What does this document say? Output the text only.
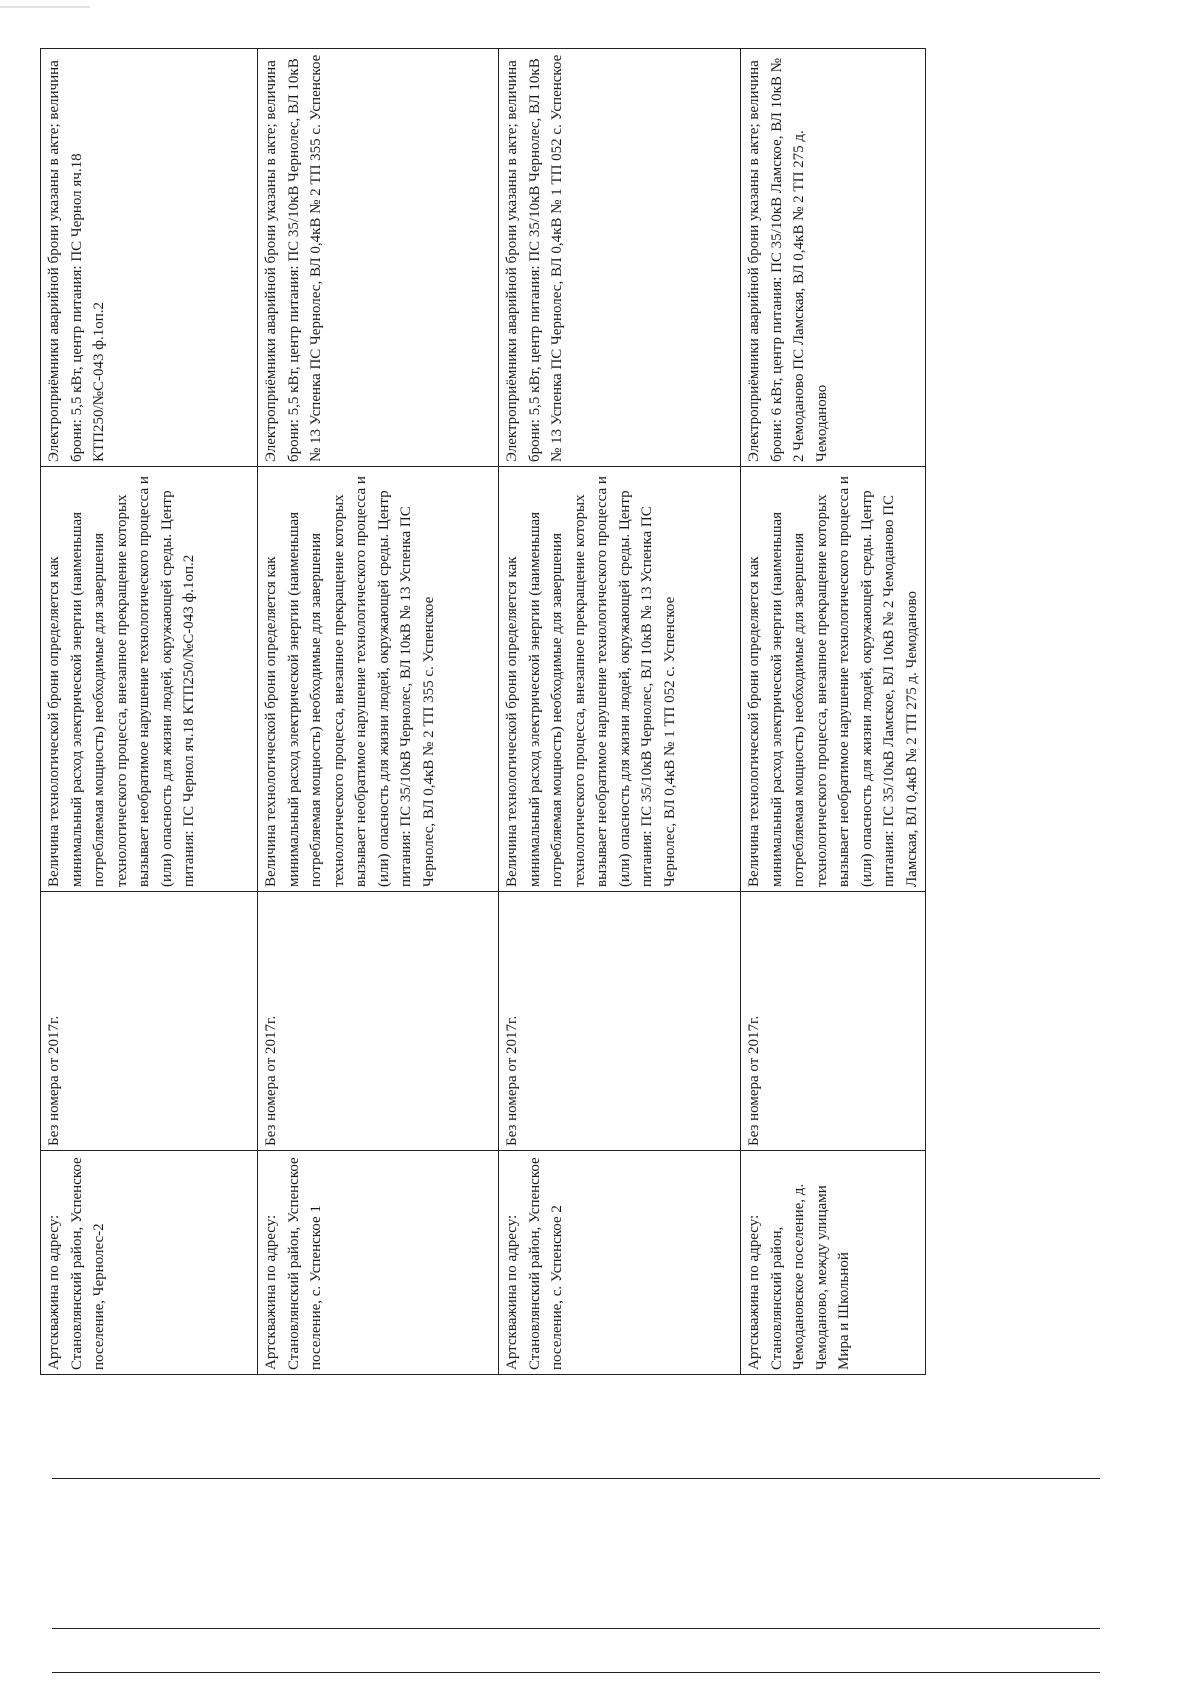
Артскважина по адресу: Становлянский район, Успенское поселение, Чернолес-2	Без номера от 2017г.	Величина технологической брони определяется как минимальный расход электрической энергии (наименьшая потребляемая мощность) необходимые для завершения технологического процесса, внезапное прекращение которых вызывает необратимое нарушение технологического процесса и (или) опасность для жизни людей, окружающей среды. Центр питания: ПС Чернол яч.18 КТП250/№С-043 ф.1оп.2	Электроприёмники аварийной брони указаны в акте; величина брони: 5,5 кВт, центр питания: ПС Чернол яч.18 КТП250/№С-043 ф.1оп.2
Артскважина по адресу: Становлянский район, Успенское поселение, с. Успенское 1	Без номера от 2017г.	Величина технологической брони определяется как минимальный расход электрической энергии (наименьшая потребляемая мощность) необходимые для завершения технологического процесса, внезапное прекращение которых вызывает необратимое нарушение технологического процесса и (или) опасность для жизни людей, окружающей среды. Центр питания: ПС 35/10кВ Чернолес, ВЛ 10кВ № 13 Успенка ПС Чернолес, ВЛ 0,4кВ № 2 ТП 355 с. Успенское	Электроприёмники аварийной брони указаны в акте; величина брони: 5,5 кВт, центр питания: ПС 35/10кВ Чернолес, ВЛ 10кВ № 13 Успенка ПС Чернолес, ВЛ 0,4кВ № 2 ТП 355 с. Успенское
Артскважина по адресу: Становлянский район, Успенское поселение, с. Успенское 2	Без номера от 2017г.	Величина технологической брони определяется как минимальный расход электрической энергии (наименьшая потребляемая мощность) необходимые для завершения технологического процесса, внезапное прекращение которых вызывает необратимое нарушение технологического процесса и (или) опасность для жизни людей, окружающей среды. Центр питания: ПС 35/10кВ Чернолес, ВЛ 10кВ № 13 Успенка ПС Чернолес, ВЛ 0,4кВ № 1 ТП 052 с. Успенское	Электроприёмники аварийной брони указаны в акте; величина брони: 5,5 кВт, центр питания: ПС 35/10кВ Чернолес, ВЛ 10кВ № 13 Успенка ПС Чернолес, ВЛ 0,4кВ № 1 ТП 052 с. Успенское
Артскважина по адресу: Становлянский район, Чемодановское поселение, д. Чемоданово, между улицами Мира и Школьной	Без номера от 2017г.	Величина технологической брони определяется как минимальный расход электрической энергии (наименьшая потребляемая мощность) необходимые для завершения технологического процесса, внезапное прекращение которых вызывает необратимое нарушение технологического процесса и (или) опасность для жизни людей, окружающей среды. Центр питания: ПС 35/10кВ Ламское, ВЛ 10кВ № 2 Чемоданово ПС Ламская, ВЛ 0,4кВ № 2 ТП 275 д. Чемоданово	Электроприёмники аварийной брони указаны в акте; величина брони: 6 кВт, центр питания: ПС 35/10кВ Ламское, ВЛ 10кВ № 2 Чемоданово ПС Ламская, ВЛ 0,4кВ № 2 ТП 275 д. Чемоданово
